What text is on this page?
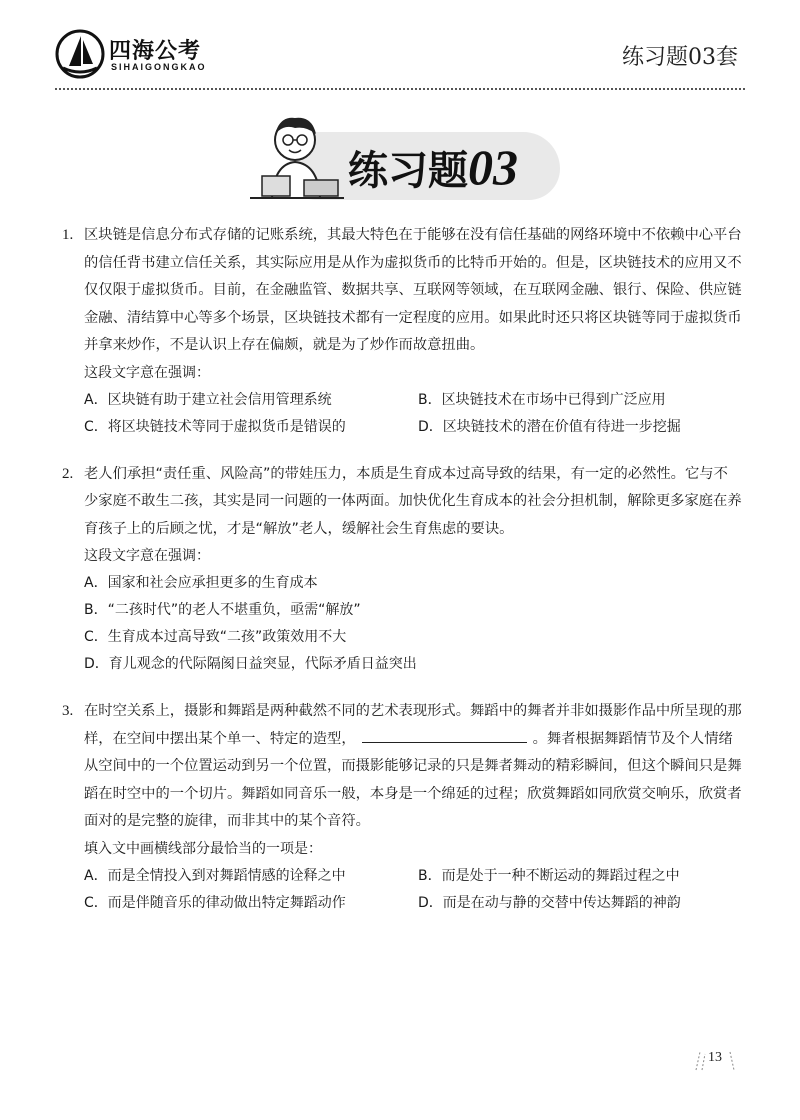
四海公考
SIHAIGONGKAO	练习题03套
练习题03
1. 区块链是信息分布式存储的记账系统，其最大特色在于能够在没有信任基础的网络环境中不依赖中心平台的信任背书建立信任关系，其实际应用是从作为虚拟货币的比特币开始的。但是，区块链技术的应用又不仅仅限于虚拟货币。目前，在金融监管、数据共享、互联网等领域，在互联网金融、银行、保险、供应链金融、清结算中心等多个场景，区块链技术都有一定程度的应用。如果此时还只将区块链等同于虚拟货币并拿来炒作，不是认识上存在偏颇，就是为了炒作而故意扭曲。
这段文字意在强调：
A．区块链有助于建立社会信用管理系统	B．区块链技术在市场中已得到广泛应用
C．将区块链技术等同于虚拟货币是错误的	D．区块链技术的潜在价值有待进一步挖掘
2. 老人们承担“责任重、风险高”的带娃压力，本质是生育成本过高导致的结果，有一定的必然性。它与不少家庭不敢生二孩，其实是同一问题的一体两面。加快优化生育成本的社会分担机制，解除更多家庭在养育孩子上的后顾之忧，才是“解放”老人，缓解社会生育焦虑的要诀。
这段文字意在强调：
A．国家和社会应承担更多的生育成本
B．“二孩时代”的老人不堪重负，亟需“解放”
C．生育成本过高导致“二孩”政策效用不大
D．育儿观念的代际隔阂日益突显，代际矛盾日益突出
3. 在时空关系上，摄影和舞蹈是两种截然不同的艺术表现形式。舞蹈中的舞者并非如摄影作品中所呈现的那样，在空间中摆出某个单一、特定的造型，	。舞者根据舞蹈情节及个人情绪从空间中的一个位置运动到另一个位置，而摄影能够记录的只是舞者舞动的精彩瞬间，但这个瞬间只是舞蹈在时空中的一个切片。舞蹈如同音乐一般，本身是一个绵延的过程；欣赏舞蹈如同欣赏交响乐，欣赏者面对的是完整的旋律，而非其中的某个音符。
填入文中画横线部分最恰当的一项是：
A．而是全情投入到对舞蹈情感的诠释之中	B．而是处于一种不断运动的舞蹈过程之中
C．而是伴随音乐的律动做出特定舞蹈动作	D．而是在动与静的交替中传达舞蹈的神韵
13
